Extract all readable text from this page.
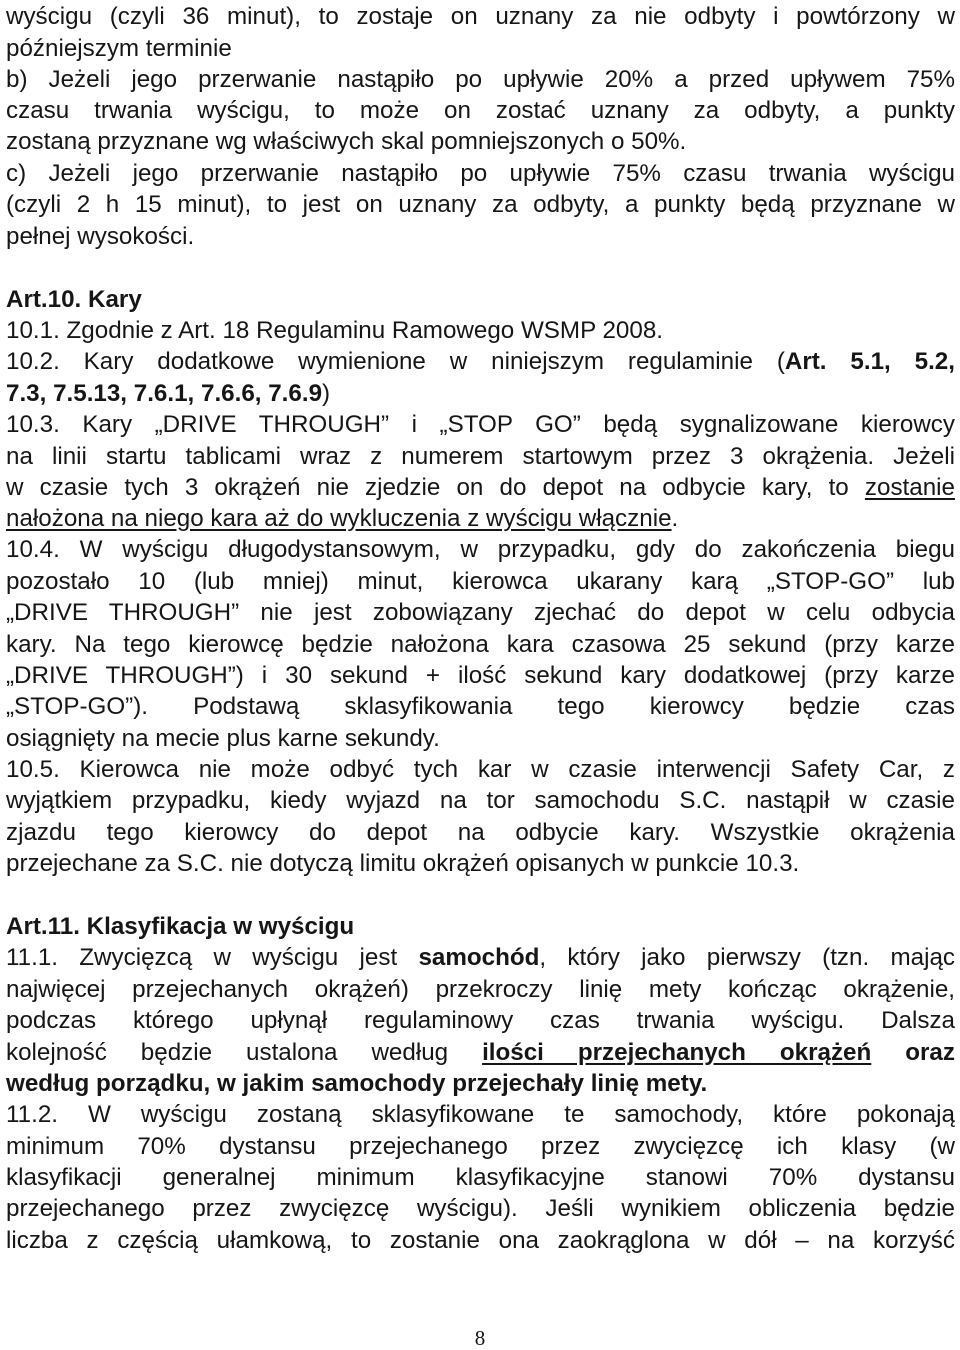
wyścigu (czyli 36 minut), to zostaje on uznany za nie odbyty i powtórzony w
późniejszym terminie
b) Jeżeli jego przerwanie nastąpiło po upływie 20% a przed upływem 75%
czasu trwania wyścigu, to może on zostać uznany za odbyty, a punkty
zostaną przyznane wg właściwych skal pomniejszonych o 50%.
c) Jeżeli jego przerwanie nastąpiło po upływie 75% czasu trwania wyścigu
(czyli 2 h 15 minut), to jest on uznany za odbyty, a punkty będą przyznane w
pełnej wysokości.
Art.10. Kary
10.1. Zgodnie z Art. 18 Regulaminu Ramowego WSMP 2008.
10.2. Kary dodatkowe wymienione w niniejszym regulaminie (Art. 5.1, 5.2,
7.3, 7.5.13, 7.6.1, 7.6.6, 7.6.9)
10.3. Kary „DRIVE THROUGH” i „STOP GO” będą sygnalizowane kierowcy
na linii startu tablicami wraz z numerem startowym przez 3 okrążenia. Jeżeli
w czasie tych 3 okrążeń nie zjedzie on do depot na odbycie kary, to zostanie
nałożona na niego kara aż do wykluczenia z wyścigu włącznie.
10.4. W wyścigu długodystansowym, w przypadku, gdy do zakończenia biegu
pozostało 10 (lub mniej) minut, kierowca ukarany karą „STOP-GO” lub
„DRIVE THROUGH” nie jest zobowiązany zjechać do depot w celu odbycia
kary. Na tego kierowcę będzie nałożona kara czasowa 25 sekund (przy karze
„DRIVE THROUGH”) i 30 sekund + ilość sekund kary dodatkowej (przy karze
„STOP-GO”). Podstawą sklasyfikowania tego kierowcy będzie czas
osiągnięty na mecie plus karne sekundy.
10.5. Kierowca nie może odbyć tych kar w czasie interwencji Safety Car, z
wyjątkiem przypadku, kiedy wyjazd na tor samochodu S.C. nastąpił w czasie
zjazdu tego kierowcy do depot na odbycie kary. Wszystkie okrążenia
przejechane za S.C. nie dotyczą limitu okrążeń opisanych w punkcie 10.3.
Art.11. Klasyfikacja w wyścigu
11.1. Zwycięzcą w wyścigu jest samochód, który jako pierwszy (tzn. mając
najwięcej przejechanych okrążeń) przekroczy linię mety kończąc okrążenie,
podczas którego upłynął regulaminowy czas trwania wyścigu. Dalsza
kolejność będzie ustalona według ilości przejechanych okrążeń oraz
według porządku, w jakim samochody przejechały linię mety.
11.2. W wyścigu zostaną sklasyfikowane te samochody, które pokonają
minimum 70% dystansu przejechanego przez zwycięzcę ich klasy (w
klasyfikacji generalnej minimum klasyfikacyjne stanowi 70% dystansu
przejechanego przez zwycięzcę wyścigu). Jeśli wynikiem obliczenia będzie
liczba z częścią ułamkową, to zostanie ona zaokrąglona w dół – na korzyść
8
